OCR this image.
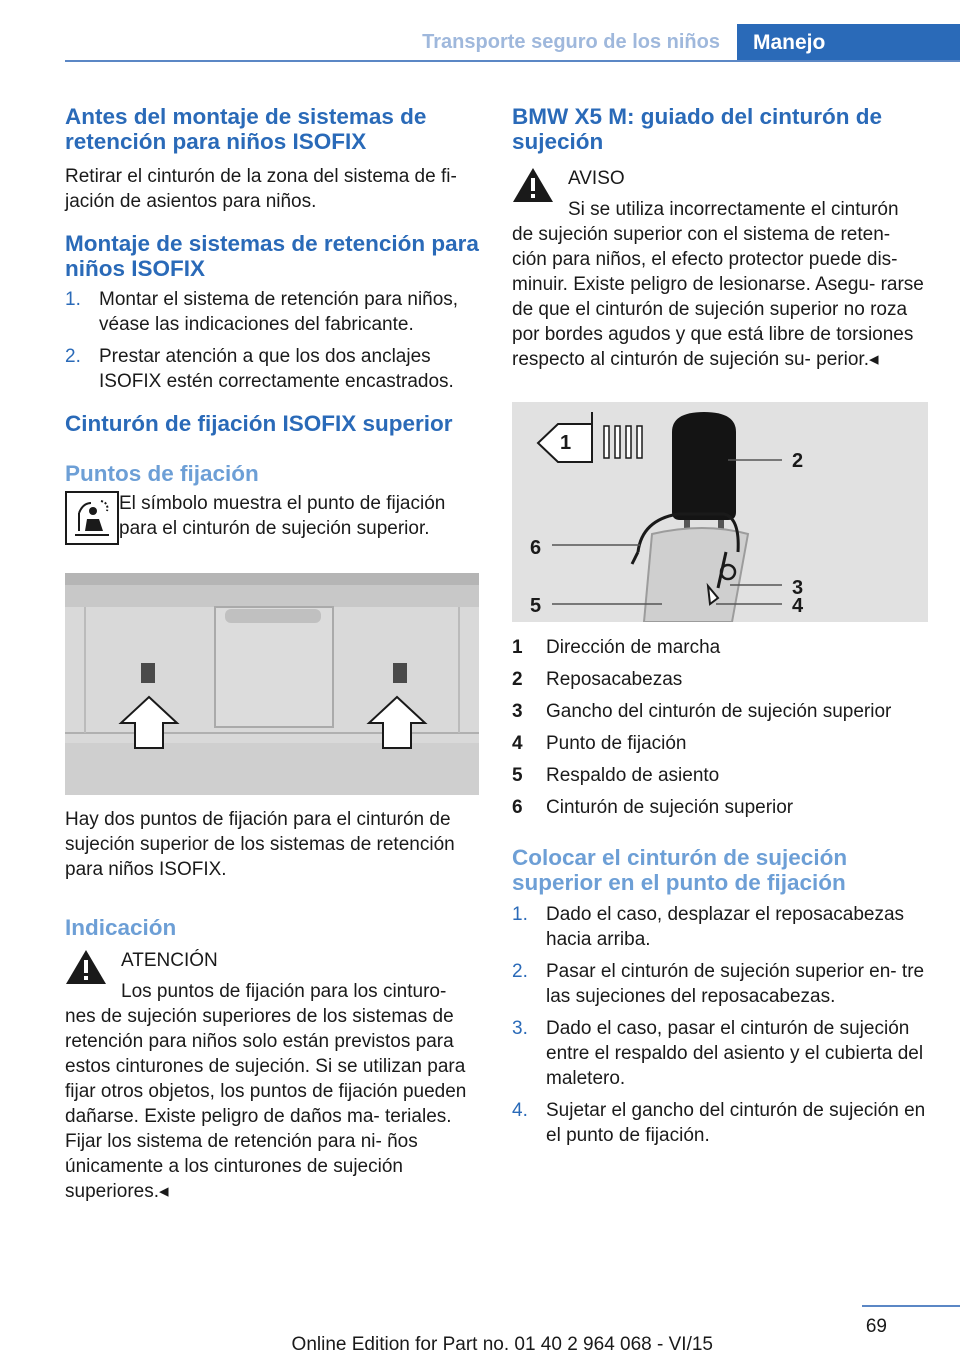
Transporte seguro de los niños	Manejo
Antes del montaje de sistemas de retención para niños ISOFIX

Retirar el cinturón de la zona del sistema de fi- jación de asientos para niños.

Montaje de sistemas de retención para niños ISOFIX
1. Montar el sistema de retención para niños, véase las indicaciones del fabricante.
2. Prestar atención a que los dos anclajes ISOFIX estén correctamente encastrados.
Cinturón de fijación ISOFIX superior
Puntos de fijación

El símbolo muestra el punto de fijación para el cinturón de sujeción superior.

Hay dos puntos de fijación para el cinturón de sujeción superior de los sistemas de retención para niños ISOFIX.

Indicación

ATENCIÓN

Los puntos de fijación para los cinturo-

nes de sujeción superiores de los sistemas de retención para niños solo están previstos para estos cinturones de sujeción. Si se utilizan para fijar otros objetos, los puntos de fijación pueden dañarse. Existe peligro de daños ma- teriales. Fijar los sistema de retención para ni- ños únicamente a los cinturones de sujeción superiores.◂

BMW X5 M: guiado del cinturón de sujeción

AVISO

Si se utiliza incorrectamente el cinturón

de sujeción superior con el sistema de reten- ción para niños, el efecto protector puede dis- minuir. Existe peligro de lesionarse. Asegu- rarse de que el cinturón de sujeción superior no roza por bordes agudos y que está libre de torsiones respecto al cinturón de sujeción su- perior.◂

1
2
3
4
5
6
1 Dirección de marcha
2 Reposacabezas
3 Gancho del cinturón de sujeción superior
4 Punto de fijación
5 Respaldo de asiento
6 Cinturón de sujeción superior
Colocar el cinturón de sujeción superior en el punto de fijación
1. Dado el caso, desplazar el reposacabezas hacia arriba.
2. Pasar el cinturón de sujeción superior en- tre las sujeciones del reposacabezas.
3. Dado el caso, pasar el cinturón de sujeción entre el respaldo del asiento y el cubierta del maletero.
4. Sujetar el gancho del cinturón de sujeción en el punto de fijación.
69
Online Edition for Part no. 01 40 2 964 068 - VI/15
